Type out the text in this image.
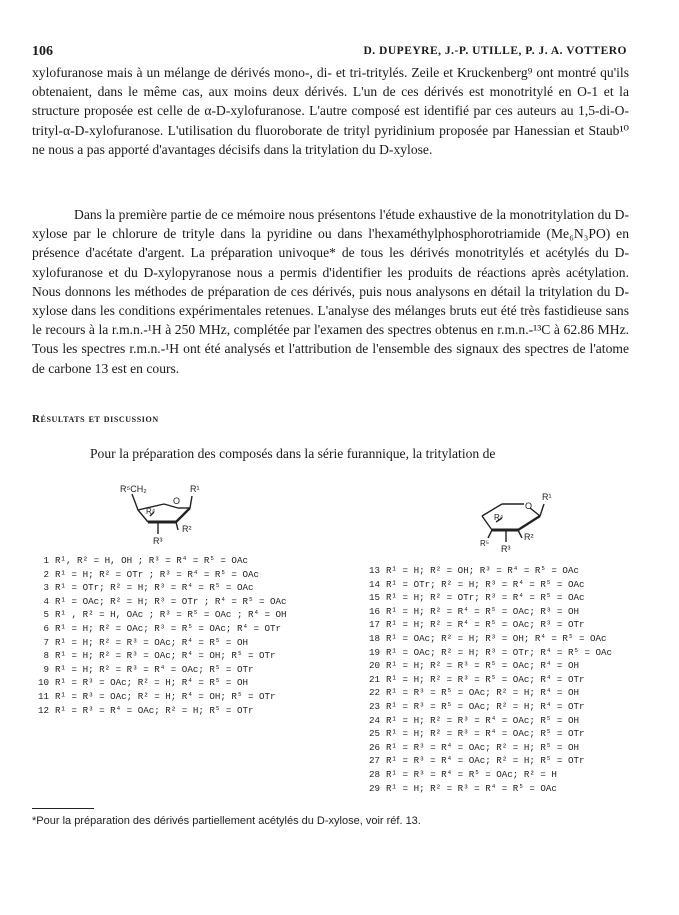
106	D. DUPEYRE, J.-P. UTILLE, P. J. A. VOTTERO
xylofuranose mais à un mélange de dérivés mono-, di- et tri-tritylés. Zeile et Kruckenberg⁹ ont montré qu'ils obtenaient, dans le même cas, aux moins deux dérivés. L'un de ces dérivés est monotritylé en O-1 et la structure proposée est celle de α-D-xylofuranose. L'autre composé est identifié par ces auteurs au 1,5-di-O-trityl-α-D-xylofuranose. L'utilisation du fluoroborate de trityl pyridinium proposée par Hanessian et Staub¹⁰ ne nous a pas apporté d'avantages décisifs dans la tritylation du D-xylose.
Dans la première partie de ce mémoire nous présentons l'étude exhaustive de la monotritylation du D-xylose par le chlorure de trityle dans la pyridine ou dans l'hexaméthylphosphorotriamide (Me₆N₃PO) en présence d'acétate d'argent. La préparation univoque* de tous les dérivés monotritylés et acétylés du D-xylofuranose et du D-xylopyranose nous a permis d'identifier les produits de réactions après acétylation. Nous donnons les méthodes de préparation de ces dérivés, puis nous analysons en détail la tritylation du D-xylose dans les conditions expérimentales retenues. L'analyse des mélanges bruts eut été très fastidieuse sans le recours à la r.m.n.-¹H à 250 MHz, complétée par l'examen des spectres obtenus en r.m.n.-¹³C à 62.86 MHz. Tous les spectres r.m.n.-¹H ont été analysés et l'attribution de l'ensemble des signaux des spectres de l'atome de carbone 13 est en cours.
Résultats et discussion
Pour la préparation des composés dans la série furannique, la tritylation de
R⁵CH₂
O
R¹
R⁴
R²
R³
O
R¹
R⁴
R⁵
R²
R³
1 R¹, R² = H, OH ; R³ = R⁴ = R⁵ = OAc
2 R¹ = H; R² = OTr ; R³ = R⁴ = R⁵ = OAc
3 R¹ = OTr; R² = H; R³ = R⁴ = R⁵ = OAc
4 R¹ = OAc; R² = H; R³ = OTr ; R⁴ = R⁵ = OAc
5 R¹ , R² = H, OAc ; R³ = R⁵ = OAc ; R⁴ = OH
6 R¹ = H; R² = OAc; R³ = R⁵ = OAc; R⁴ = OTr
7 R¹ = H; R² = R³ = OAc; R⁴ = R⁵ = OH
8 R¹ = H; R² = R³ = OAc; R⁴ = OH; R⁵ = OTr
9 R¹ = H; R² = R³ = R⁴ = OAc; R⁵ = OTr
10 R¹ = R³ = OAc; R² = H; R⁴ = R⁵ = OH
11 R¹ = R³ = OAc; R² = H; R⁴ = OH; R⁵ = OTr
12 R¹ = R³ = R⁴ = OAc; R² = H; R⁵ = OTr
13 R¹ = H; R² = OH; R³ = R⁴ = R⁵ = OAc
14 R¹ = OTr; R² = H; R³ = R⁴ = R⁵ = OAc
15 R¹ = H; R² = OTr; R³ = R⁴ = R⁵ = OAc
16 R¹ = H; R² = R⁴ = R⁵ = OAc; R³ = OH
17 R¹ = H; R² = R⁴ = R⁵ = OAc; R³ = OTr
18 R¹ = OAc; R² = H; R³ = OH; R⁴ = R⁵ = OAc
19 R¹ = OAc; R² = H; R³ = OTr; R⁴ = R⁵ = OAc
20 R¹ = H; R² = R³ = R⁵ = OAc; R⁴ = OH
21 R¹ = H; R² = R³ = R⁵ = OAc; R⁴ = OTr
22 R¹ = R³ = R⁵ = OAc; R² = H; R⁴ = OH
23 R¹ = R³ = R⁵ = OAc; R² = H; R⁴ = OTr
24 R¹ = H; R² = R³ = R⁴ = OAc; R⁵ = OH
25 R¹ = H; R² = R³ = R⁴ = OAc; R⁵ = OTr
26 R¹ = R³ = R⁴ = OAc; R² = H; R⁵ = OH
27 R¹ = R³ = R⁴ = OAc; R² = H; R⁵ = OTr
28 R¹ = R³ = R⁴ = R⁵ = OAc; R² = H
29 R¹ = H; R² = R³ = R⁴ = R⁵ = OAc
*Pour la préparation des dérivés partiellement acétylés du D-xylose, voir réf. 13.
